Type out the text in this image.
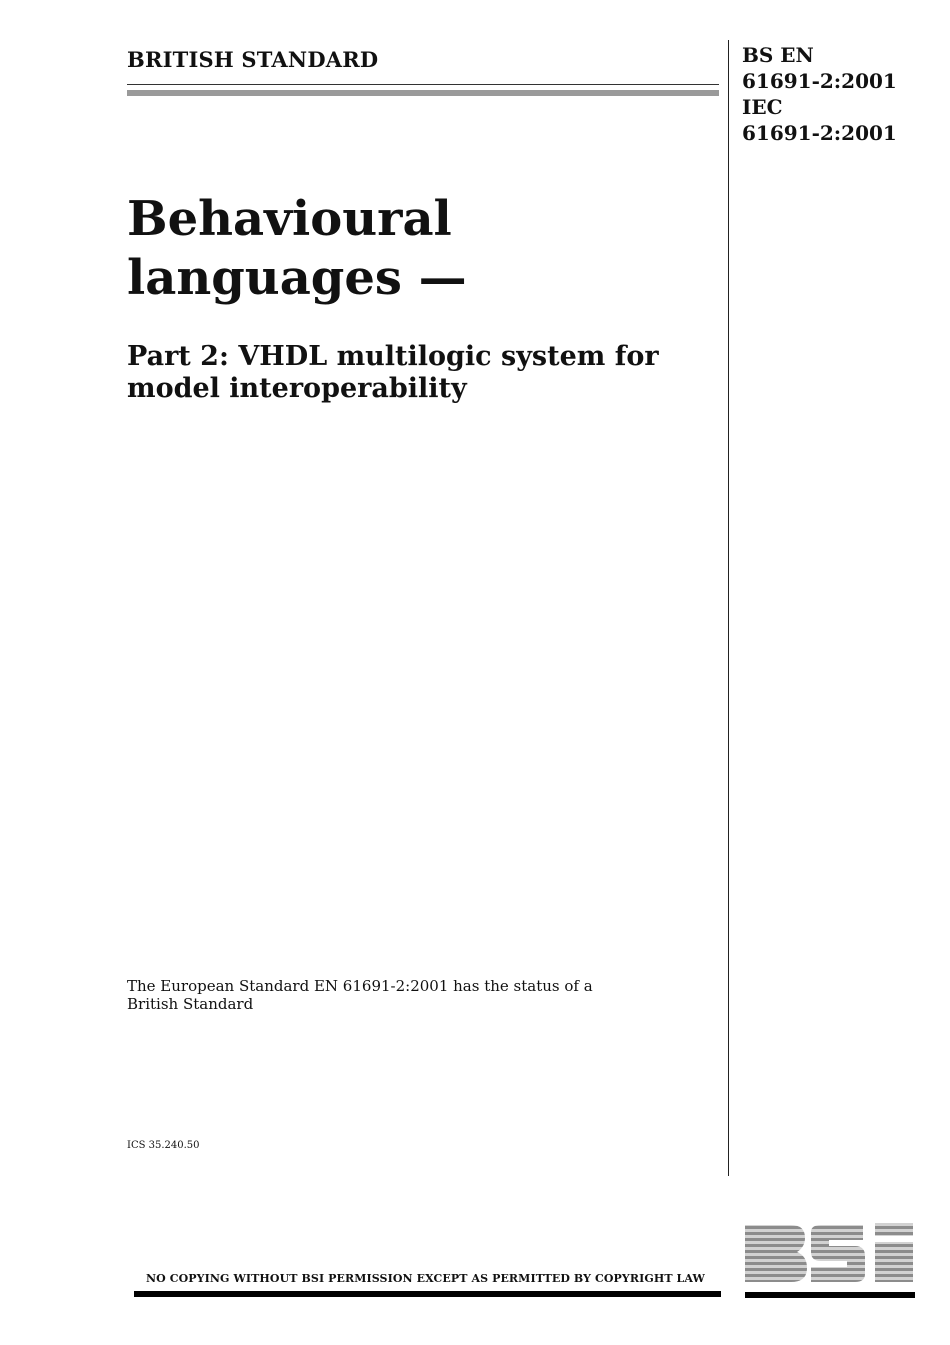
BRITISH STANDARD	BS EN
61691-2:2001
IEC
61691-2:2001
Behavioural
languages —
Part 2: VHDL multilogic system for
model interoperability
The European Standard EN 61691-2:2001 has the status of a
British Standard
ICS 35.240.50
NO COPYING WITHOUT BSI PERMISSION EXCEPT AS PERMITTED BY COPYRIGHT LAW
